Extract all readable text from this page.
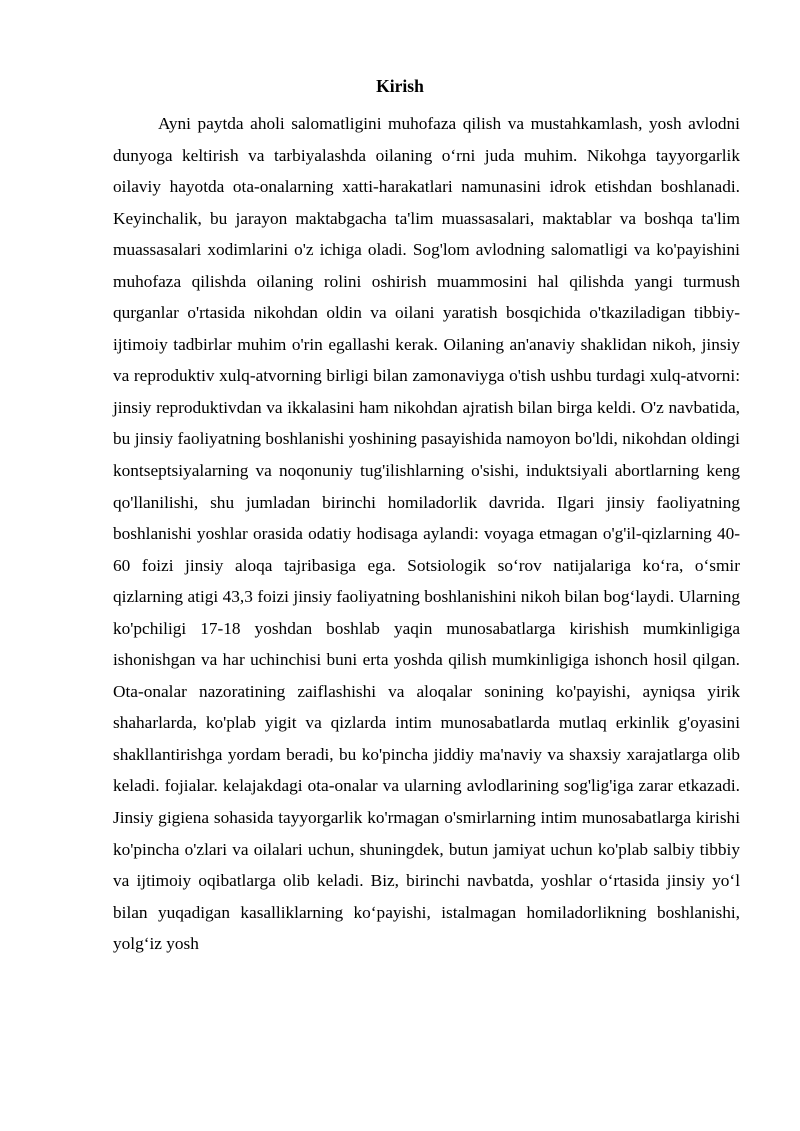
Kirish

Ayni paytda aholi salomatligini muhofaza qilish va mustahkamlash, yosh avlodni dunyoga keltirish va tarbiyalashda oilaning o‘rni juda muhim. Nikohga tayyorgarlik oilaviy hayotda ota-onalarning xatti-harakatlari namunasini idrok etishdan boshlanadi. Keyinchalik, bu jarayon maktabgacha ta'lim muassasalari, maktablar va boshqa ta'lim muassasalari xodimlarini o'z ichiga oladi. Sog'lom avlodning salomatligi va ko'payishini muhofaza qilishda oilaning rolini oshirish muammosini hal qilishda yangi turmush qurganlar o'rtasida nikohdan oldin va oilani yaratish bosqichida o'tkaziladigan tibbiy-ijtimoiy tadbirlar muhim o'rin egallashi kerak. Oilaning an'anaviy shaklidan nikoh, jinsiy va reproduktiv xulq-atvorning birligi bilan zamonaviyga o'tish ushbu turdagi xulq-atvorni: jinsiy reproduktivdan va ikkalasini ham nikohdan ajratish bilan birga keldi. O'z navbatida, bu jinsiy faoliyatning boshlanishi yoshining pasayishida namoyon bo'ldi, nikohdan oldingi kontseptsiyalarning va noqonuniy tug'ilishlarning o'sishi, induktsiyali abortlarning keng qo'llanilishi, shu jumladan birinchi homiladorlik davrida. Ilgari jinsiy faoliyatning boshlanishi yoshlar orasida odatiy hodisaga aylandi: voyaga etmagan o'g'il-qizlarning 40-60 foizi jinsiy aloqa tajribasiga ega. Sotsiologik so‘rov natijalariga ko‘ra, o‘smir qizlarning atigi 43,3 foizi jinsiy faoliyatning boshlanishini nikoh bilan bog‘laydi. Ularning ko'pchiligi 17-18 yoshdan boshlab yaqin munosabatlarga kirishish mumkinligiga ishonishgan va har uchinchisi buni erta yoshda qilish mumkinligiga ishonch hosil qilgan. Ota-onalar nazoratining zaiflashishi va aloqalar sonining ko'payishi, ayniqsa yirik shaharlarda, ko'plab yigit va qizlarda intim munosabatlarda mutlaq erkinlik g'oyasini shakllantirishga yordam beradi, bu ko'pincha jiddiy ma'naviy va shaxsiy xarajatlarga olib keladi. fojialar. kelajakdagi ota-onalar va ularning avlodlarining sog'lig'iga zarar etkazadi. Jinsiy gigiena sohasida tayyorgarlik ko'rmagan o'smirlarning intim munosabatlarga kirishi ko'pincha o'zlari va oilalari uchun, shuningdek, butun jamiyat uchun ko'plab salbiy tibbiy va ijtimoiy oqibatlarga olib keladi. Biz, birinchi navbatda, yoshlar o‘rtasida jinsiy yo‘l bilan yuqadigan kasalliklarning ko‘payishi, istalmagan homiladorlikning boshlanishi, yolg‘iz yosh
